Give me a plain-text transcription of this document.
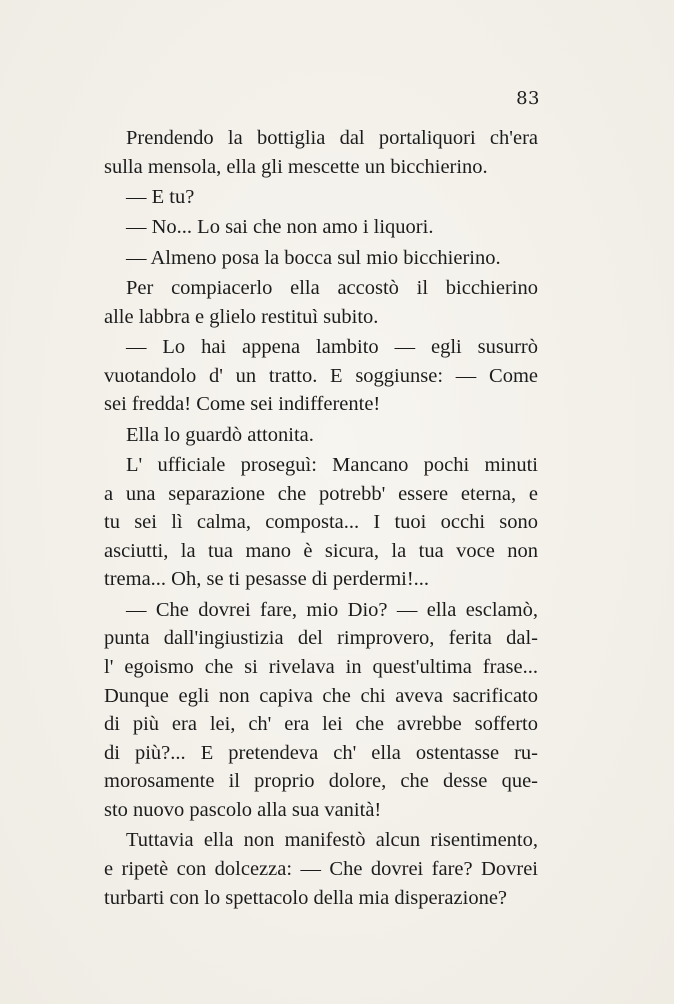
83
Prendendo la bottiglia dal portaliquori ch'era
sulla mensola, ella gli mescette un bicchierino.
— E tu?
— No... Lo sai che non amo i liquori.
— Almeno posa la bocca sul mio bicchierino.
Per compiacerlo ella accostò il bicchierino
alle labbra e glielo restituì subito.
— Lo hai appena lambito — egli susurrò
vuotandolo d' un tratto. E soggiunse: — Come
sei fredda! Come sei indifferente!
Ella lo guardò attonita.
L' ufficiale proseguì: Mancano pochi minuti
a una separazione che potrebb' essere eterna, e
tu sei lì calma, composta... I tuoi occhi sono
asciutti, la tua mano è sicura, la tua voce non
trema... Oh, se ti pesasse di perdermi!...
— Che dovrei fare, mio Dio? — ella esclamò,
punta dall'ingiustizia del rimprovero, ferita dal-
l' egoismo che si rivelava in quest'ultima frase...
Dunque egli non capiva che chi aveva sacrificato
di più era lei, ch' era lei che avrebbe sofferto
di più?... E pretendeva ch' ella ostentasse ru-
morosamente il proprio dolore, che desse que-
sto nuovo pascolo alla sua vanità!
Tuttavia ella non manifestò alcun risentimento,
e ripetè con dolcezza: — Che dovrei fare? Dovrei
turbarti con lo spettacolo della mia disperazione?
